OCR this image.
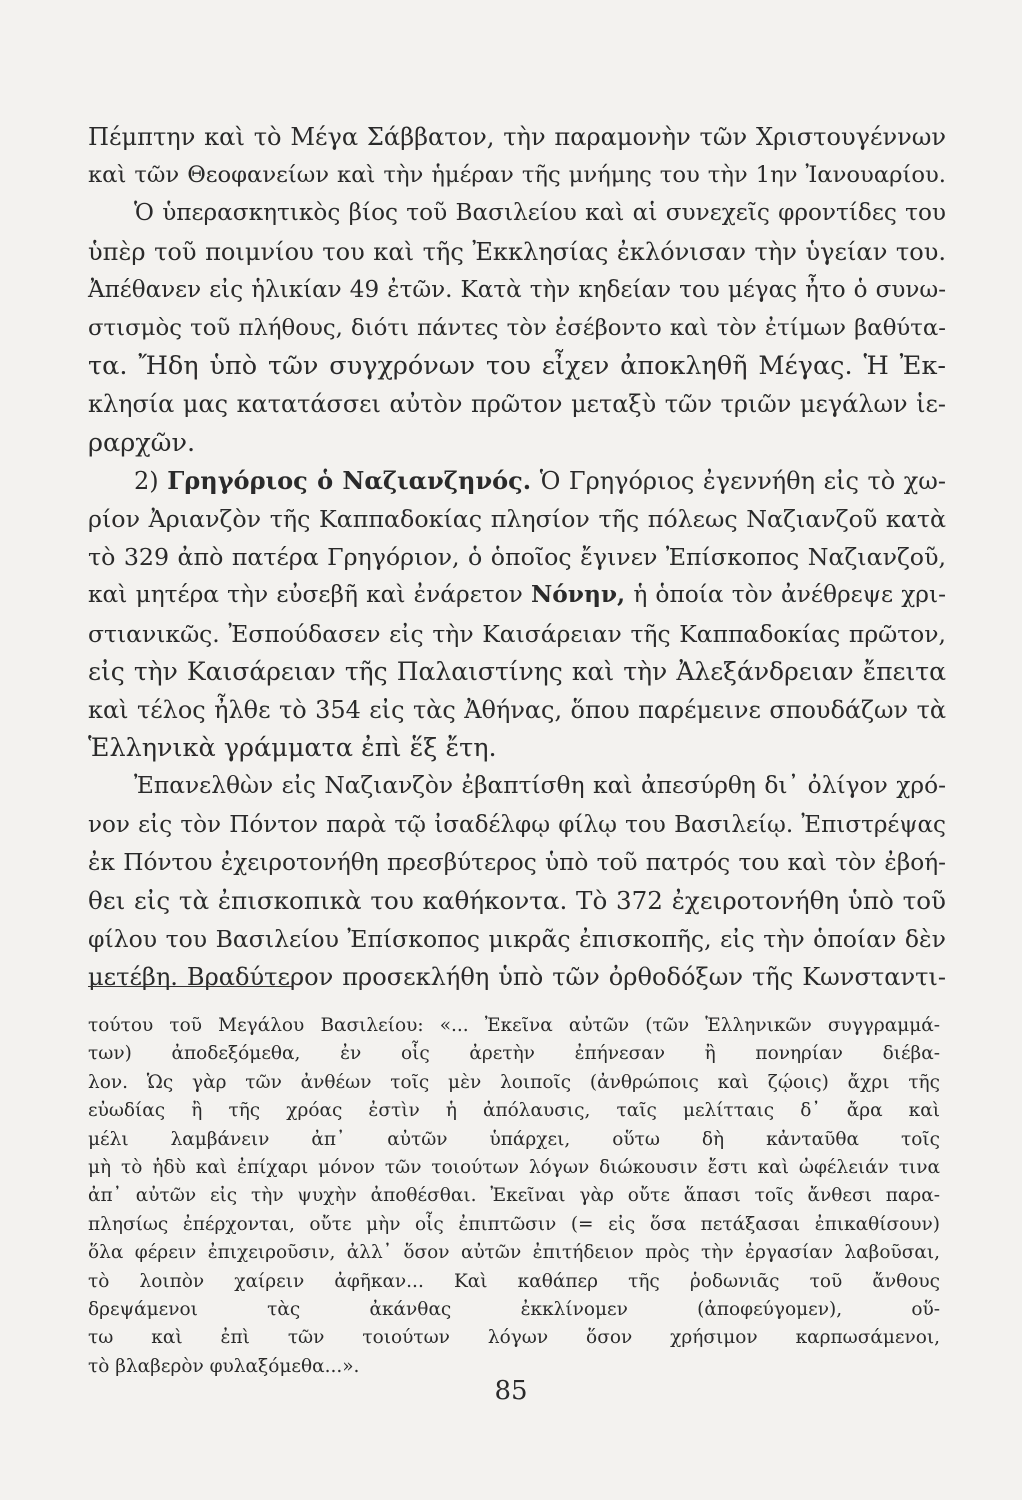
Πέμπτην καὶ τὸ Μέγα Σάββατον, τὴν παραμονὴν τῶν Χριστουγέννων
καὶ τῶν Θεοφανείων καὶ τὴν ἡμέραν τῆς μνήμης του τὴν 1ην Ἰανουαρίου.
Ὁ ὑπερασκητικὸς βίος τοῦ Βασιλείου καὶ αἱ συνεχεῖς φροντίδες του
ὑπὲρ τοῦ ποιμνίου του καὶ τῆς Ἐκκλησίας ἐκλόνισαν τὴν ὑγείαν του.
Ἀπέθανεν εἰς ἡλικίαν 49 ἐτῶν. Κατὰ τὴν κηδείαν του μέγας ἦτο ὁ συνω-
στισμὸς τοῦ πλήθους, διότι πάντες τὸν ἐσέβοντο καὶ τὸν ἐτίμων βαθύτα-
τα. Ἤδη ὑπὸ τῶν συγχρόνων του εἶχεν ἀποκληθῆ Μέγας. Ἡ Ἐκ-
κλησία μας κατατάσσει αὐτὸν πρῶτον μεταξὺ τῶν τριῶν μεγάλων ἱε-
ραρχῶν.
2) Γρηγόριος ὁ Ναζιανζηνός. Ὁ Γρηγόριος ἐγεννήθη εἰς τὸ χω-
ρίον Ἀριανζὸν τῆς Καππαδοκίας πλησίον τῆς πόλεως Ναζιανζοῦ κατὰ
τὸ 329 ἀπὸ πατέρα Γρηγόριον, ὁ ὁποῖος ἔγινεν Ἐπίσκοπος Ναζιανζοῦ,
καὶ μητέρα τὴν εὐσεβῆ καὶ ἐνάρετον Νόνην, ἡ ὁποία τὸν ἀνέθρεψε χρι-
στιανικῶς. Ἐσπούδασεν εἰς τὴν Καισάρειαν τῆς Καππαδοκίας πρῶτον,
εἰς τὴν Καισάρειαν τῆς Παλαιστίνης καὶ τὴν Ἀλεξάνδρειαν ἔπειτα
καὶ τέλος ἦλθε τὸ 354 εἰς τὰς Ἀθήνας, ὅπου παρέμεινε σπουδάζων τὰ
Ἑλληνικὰ γράμματα ἐπὶ ἕξ ἔτη.
Ἐπανελθὼν εἰς Ναζιανζὸν ἐβαπτίσθη καὶ ἀπεσύρθη δι᾽ ὀλίγον χρό-
νον εἰς τὸν Πόντον παρὰ τῷ ἰσαδέλφῳ φίλῳ του Βασιλείῳ. Ἐπιστρέψας
ἐκ Πόντου ἐχειροτονήθη πρεσβύτερος ὑπὸ τοῦ πατρός του καὶ τὸν ἐβοή-
θει εἰς τὰ ἐπισκοπικὰ του καθήκοντα. Τὸ 372 ἐχειροτονήθη ὑπὸ τοῦ
φίλου του Βασιλείου Ἐπίσκοπος μικρᾶς ἐπισκοπῆς, εἰς τὴν ὁποίαν δὲν
μετέβη. Βραδύτερον προσεκλήθη ὑπὸ τῶν ὀρθοδόξων τῆς Κωνσταντι-
τούτου τοῦ Μεγάλου Βασιλείου: «... Ἐκεῖνα αὐτῶν (τῶν Ἑλληνικῶν συγγραμμά-
των) ἀποδεξόμεθα, ἐν οἷς ἀρετὴν ἐπήνεσαν ἢ πονηρίαν διέβα-
λον. Ὡς γὰρ τῶν ἀνθέων τοῖς μὲν λοιποῖς (ἀνθρώποις καὶ ζῴοις) ἄχρι τῆς
εὐωδίας ἢ τῆς χρόας ἐστὶν ἡ ἀπόλαυσις, ταῖς μελίτταις δ᾽ ἄρα καὶ
μέλι λαμβάνειν ἀπ᾽ αὐτῶν ὑπάρχει, οὕτω δὴ κἀνταῦθα τοῖς
μὴ τὸ ἡδὺ καὶ ἐπίχαρι μόνον τῶν τοιούτων λόγων διώκουσιν ἔστι καὶ ὠφέλειάν τινα
ἀπ᾽ αὐτῶν εἰς τὴν ψυχὴν ἀποθέσθαι. Ἐκεῖναι γὰρ οὔτε ἅπασι τοῖς ἄνθεσι παρα-
πλησίως ἐπέρχονται, οὔτε μὴν οἷς ἐπιπτῶσιν (= εἰς ὅσα πετάξασαι ἐπικαθίσουν)
ὅλα φέρειν ἐπιχειροῦσιν, ἀλλ᾽ ὅσον αὐτῶν ἐπιτήδειον πρὸς τὴν ἐργασίαν λαβοῦσαι,
τὸ λοιπὸν χαίρειν ἀφῆκαν... Καὶ καθάπερ τῆς ῥοδωνιᾶς τοῦ ἄνθους
δρεψάμενοι τὰς ἀκάνθας ἐκκλίνομεν (ἀποφεύγομεν), οὕ-
τω καὶ ἐπὶ τῶν τοιούτων λόγων ὅσον χρήσιμον καρπωσάμενοι,
τὸ βλαβερὸν φυλαξόμεθα...».
85
